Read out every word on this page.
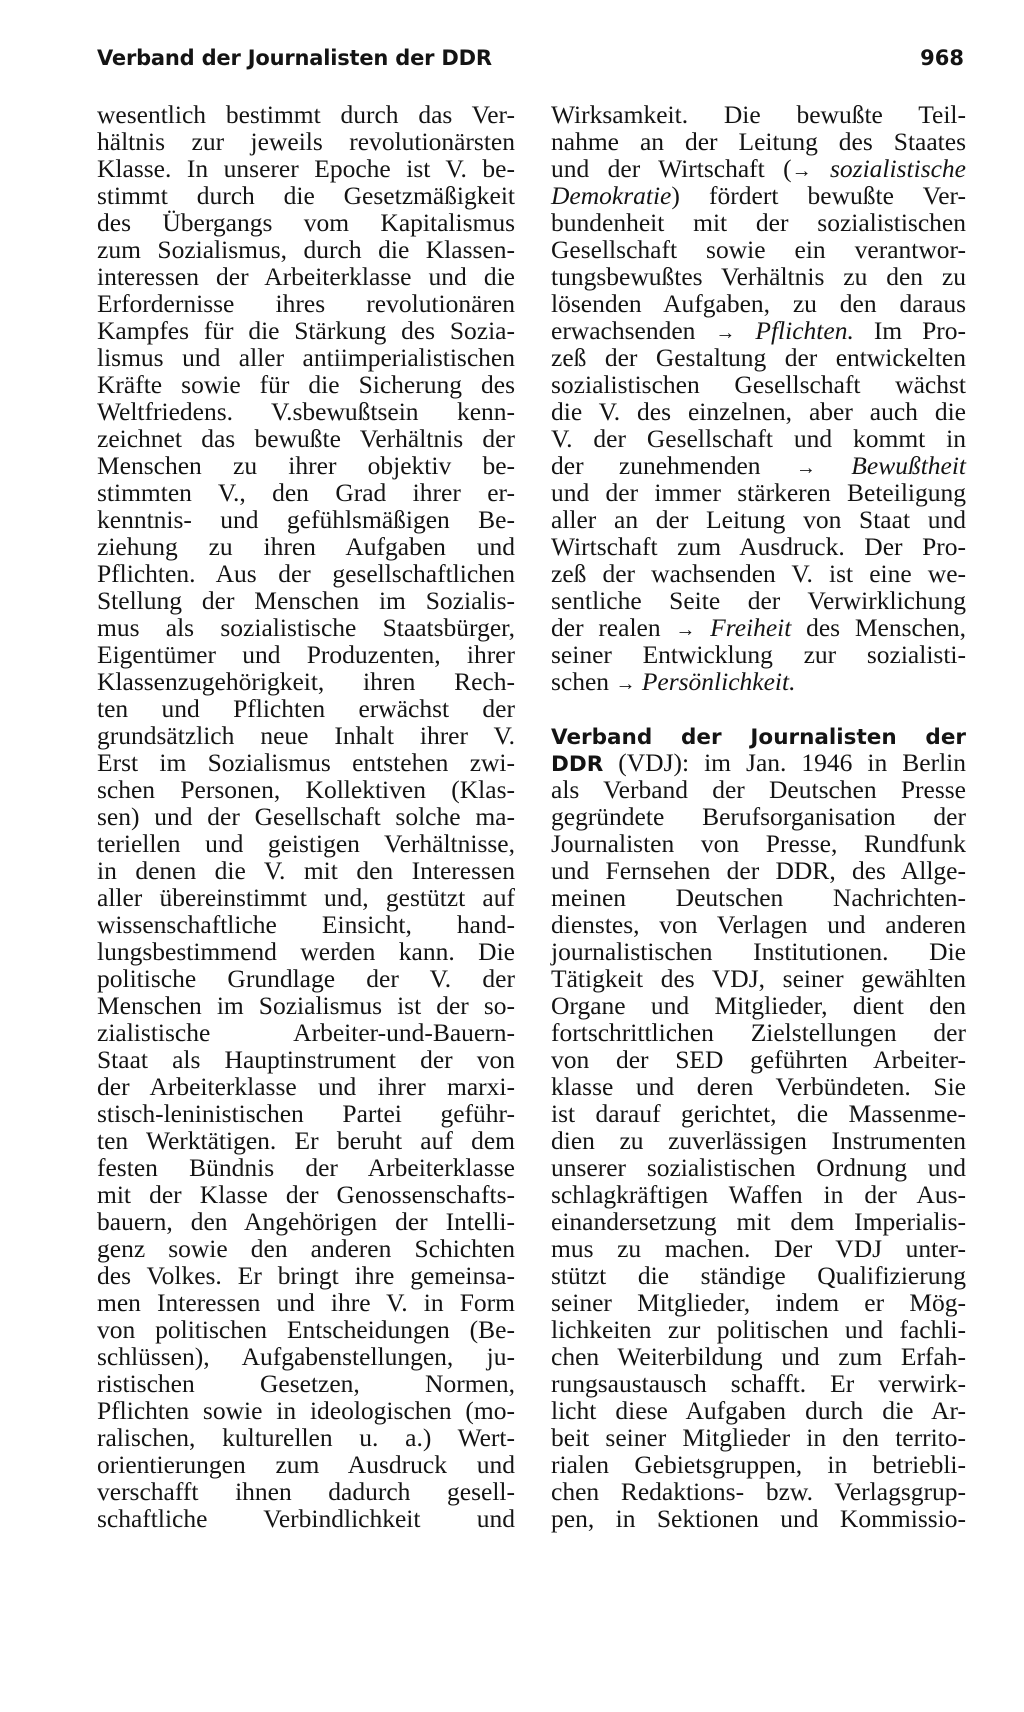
Verband der Journalisten der DDR	968
wesentlich bestimmt durch das Ver-
hältnis zur jeweils revolutionärsten
Klasse. In unserer Epoche ist V. be-
stimmt durch die Gesetzmäßigkeit
des Übergangs vom Kapitalismus
zum Sozialismus, durch die Klassen-
interessen der Arbeiterklasse und die
Erfordernisse ihres revolutionären
Kampfes für die Stärkung des Sozia-
lismus und aller antiimperialistischen
Kräfte sowie für die Sicherung des
Weltfriedens. V.sbewußtsein kenn-
zeichnet das bewußte Verhältnis der
Menschen zu ihrer objektiv be-
stimmten V., den Grad ihrer er-
kenntnis- und gefühlsmäßigen Be-
ziehung zu ihren Aufgaben und
Pflichten. Aus der gesellschaftlichen
Stellung der Menschen im Sozialis-
mus als sozialistische Staatsbürger,
Eigentümer und Produzenten, ihrer
Klassenzugehörigkeit, ihren Rech-
ten und Pflichten erwächst der
grundsätzlich neue Inhalt ihrer V.
Erst im Sozialismus entstehen zwi-
schen Personen, Kollektiven (Klas-
sen) und der Gesellschaft solche ma-
teriellen und geistigen Verhältnisse,
in denen die V. mit den Interessen
aller übereinstimmt und, gestützt auf
wissenschaftliche Einsicht, hand-
lungsbestimmend werden kann. Die
politische Grundlage der V. der
Menschen im Sozialismus ist der so-
zialistische Arbeiter-und-Bauern-
Staat als Hauptinstrument der von
der Arbeiterklasse und ihrer marxi-
stisch-leninistischen Partei geführ-
ten Werktätigen. Er beruht auf dem
festen Bündnis der Arbeiterklasse
mit der Klasse der Genossenschafts-
bauern, den Angehörigen der Intelli-
genz sowie den anderen Schichten
des Volkes. Er bringt ihre gemeinsa-
men Interessen und ihre V. in Form
von politischen Entscheidungen (Be-
schlüssen), Aufgabenstellungen, ju-
ristischen Gesetzen, Normen,
Pflichten sowie in ideologischen (mo-
ralischen, kulturellen u. a.) Wert-
orientierungen zum Ausdruck und
verschafft ihnen dadurch gesell-
schaftliche Verbindlichkeit und
Wirksamkeit. Die bewußte Teil-
nahme an der Leitung des Staates
und der Wirtschaft (→ sozialistische
Demokratie) fördert bewußte Ver-
bundenheit mit der sozialistischen
Gesellschaft sowie ein verantwor-
tungsbewußtes Verhältnis zu den zu
lösenden Aufgaben, zu den daraus
erwachsenden → Pflichten. Im Pro-
zeß der Gestaltung der entwickelten
sozialistischen Gesellschaft wächst
die V. des einzelnen, aber auch die
V. der Gesellschaft und kommt in
der zunehmenden → Bewußtheit
und der immer stärkeren Beteiligung
aller an der Leitung von Staat und
Wirtschaft zum Ausdruck. Der Pro-
zeß der wachsenden V. ist eine we-
sentliche Seite der Verwirklichung
der realen → Freiheit des Menschen,
seiner Entwicklung zur sozialisti-
schen → Persönlichkeit.
Verband der Journalisten der
DDR (VDJ): im Jan. 1946 in Berlin
als Verband der Deutschen Presse
gegründete Berufsorganisation der
Journalisten von Presse, Rundfunk
und Fernsehen der DDR, des Allge-
meinen Deutschen Nachrichten-
dienstes, von Verlagen und anderen
journalistischen Institutionen. Die
Tätigkeit des VDJ, seiner gewählten
Organe und Mitglieder, dient den
fortschrittlichen Zielstellungen der
von der SED geführten Arbeiter-
klasse und deren Verbündeten. Sie
ist darauf gerichtet, die Massenme-
dien zu zuverlässigen Instrumenten
unserer sozialistischen Ordnung und
schlagkräftigen Waffen in der Aus-
einandersetzung mit dem Imperialis-
mus zu machen. Der VDJ unter-
stützt die ständige Qualifizierung
seiner Mitglieder, indem er Mög-
lichkeiten zur politischen und fachli-
chen Weiterbildung und zum Erfah-
rungsaustausch schafft. Er verwirk-
licht diese Aufgaben durch die Ar-
beit seiner Mitglieder in den territo-
rialen Gebietsgruppen, in betriebli-
chen Redaktions- bzw. Verlagsgrup-
pen, in Sektionen und Kommissio-
